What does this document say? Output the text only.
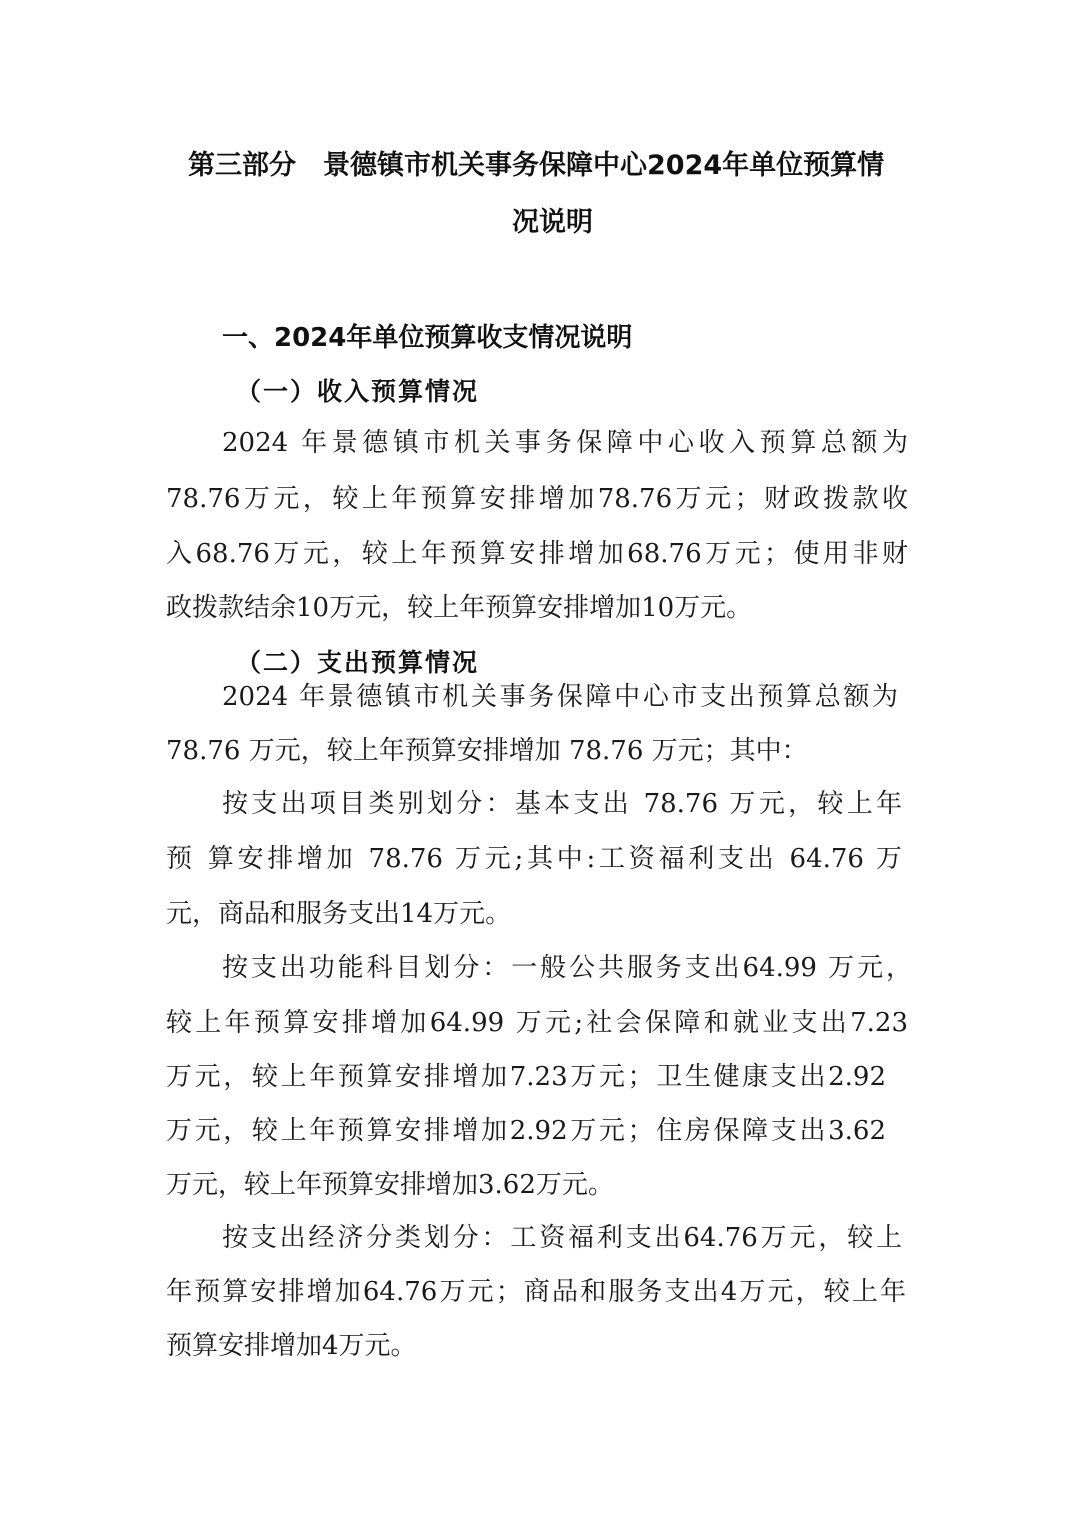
第三部分　景德镇市机关事务保障中心2024年单位预算情
况说明
一、2024年单位预算收支情况说明
（一）收入预算情况
2024 年景德镇市机关事务保障中心收入预算总额为
78.76万元，较上年预算安排增加78.76万元；财政拨款收
入68.76万元，较上年预算安排增加68.76万元；使用非财
政拨款结余10万元，较上年预算安排增加10万元。
（二）支出预算情况
2024 年景德镇市机关事务保障中心市支出预算总额为
78.76 万元，较上年预算安排增加 78.76 万元；其中：
按支出项目类别划分：基本支出 78.76 万元，较上年
预 算安排增加 78.76 万元;其中:工资福利支出 64.76 万
元，商品和服务支出14万元。
按支出功能科目划分：一般公共服务支出64.99 万元，
较上年预算安排增加64.99 万元;社会保障和就业支出7.23
万元，较上年预算安排增加7.23万元；卫生健康支出2.92
万元，较上年预算安排增加2.92万元；住房保障支出3.62
万元，较上年预算安排增加3.62万元。
按支出经济分类划分：工资福利支出64.76万元，较上
年预算安排增加64.76万元；商品和服务支出4万元，较上年
预算安排增加4万元。
